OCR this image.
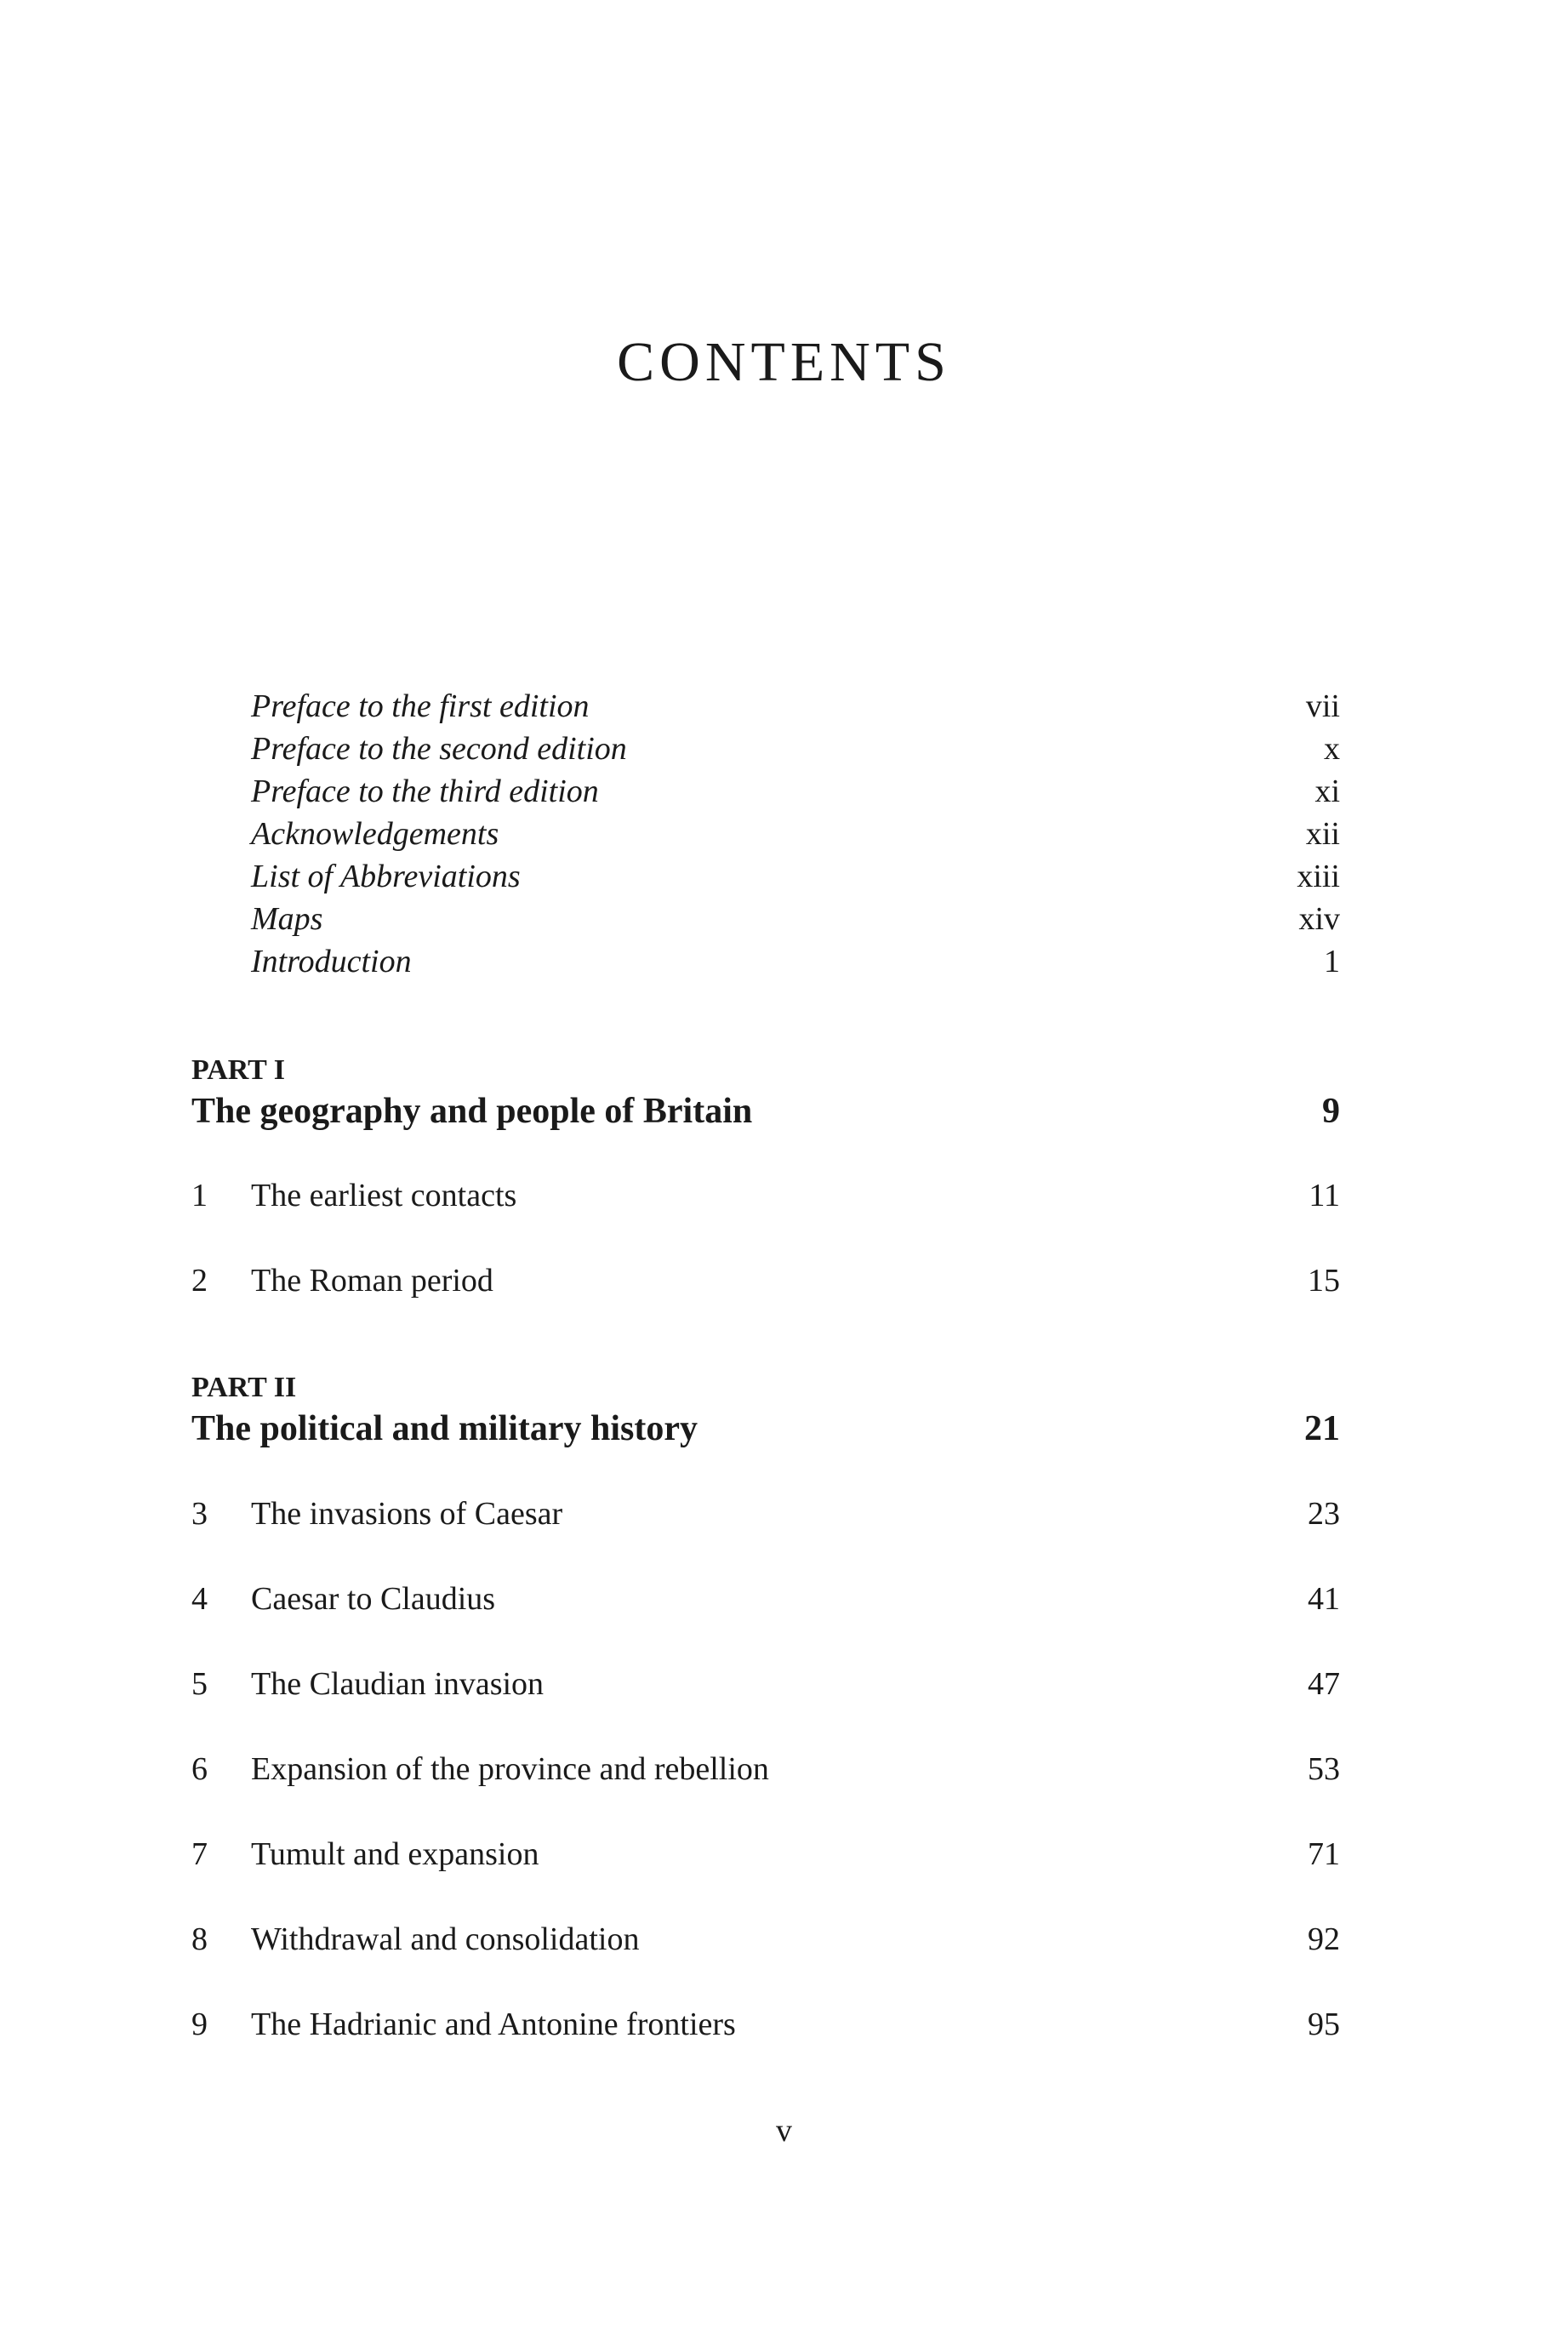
CONTENTS
Preface to the first edition	vii
Preface to the second edition	x
Preface to the third edition	xi
Acknowledgements	xii
List of Abbreviations	xiii
Maps	xiv
Introduction	1
PART I
The geography and people of Britain	9
1	The earliest contacts	11
2	The Roman period	15
PART II
The political and military history	21
3	The invasions of Caesar	23
4	Caesar to Claudius	41
5	The Claudian invasion	47
6	Expansion of the province and rebellion	53
7	Tumult and expansion	71
8	Withdrawal and consolidation	92
9	The Hadrianic and Antonine frontiers	95
v
